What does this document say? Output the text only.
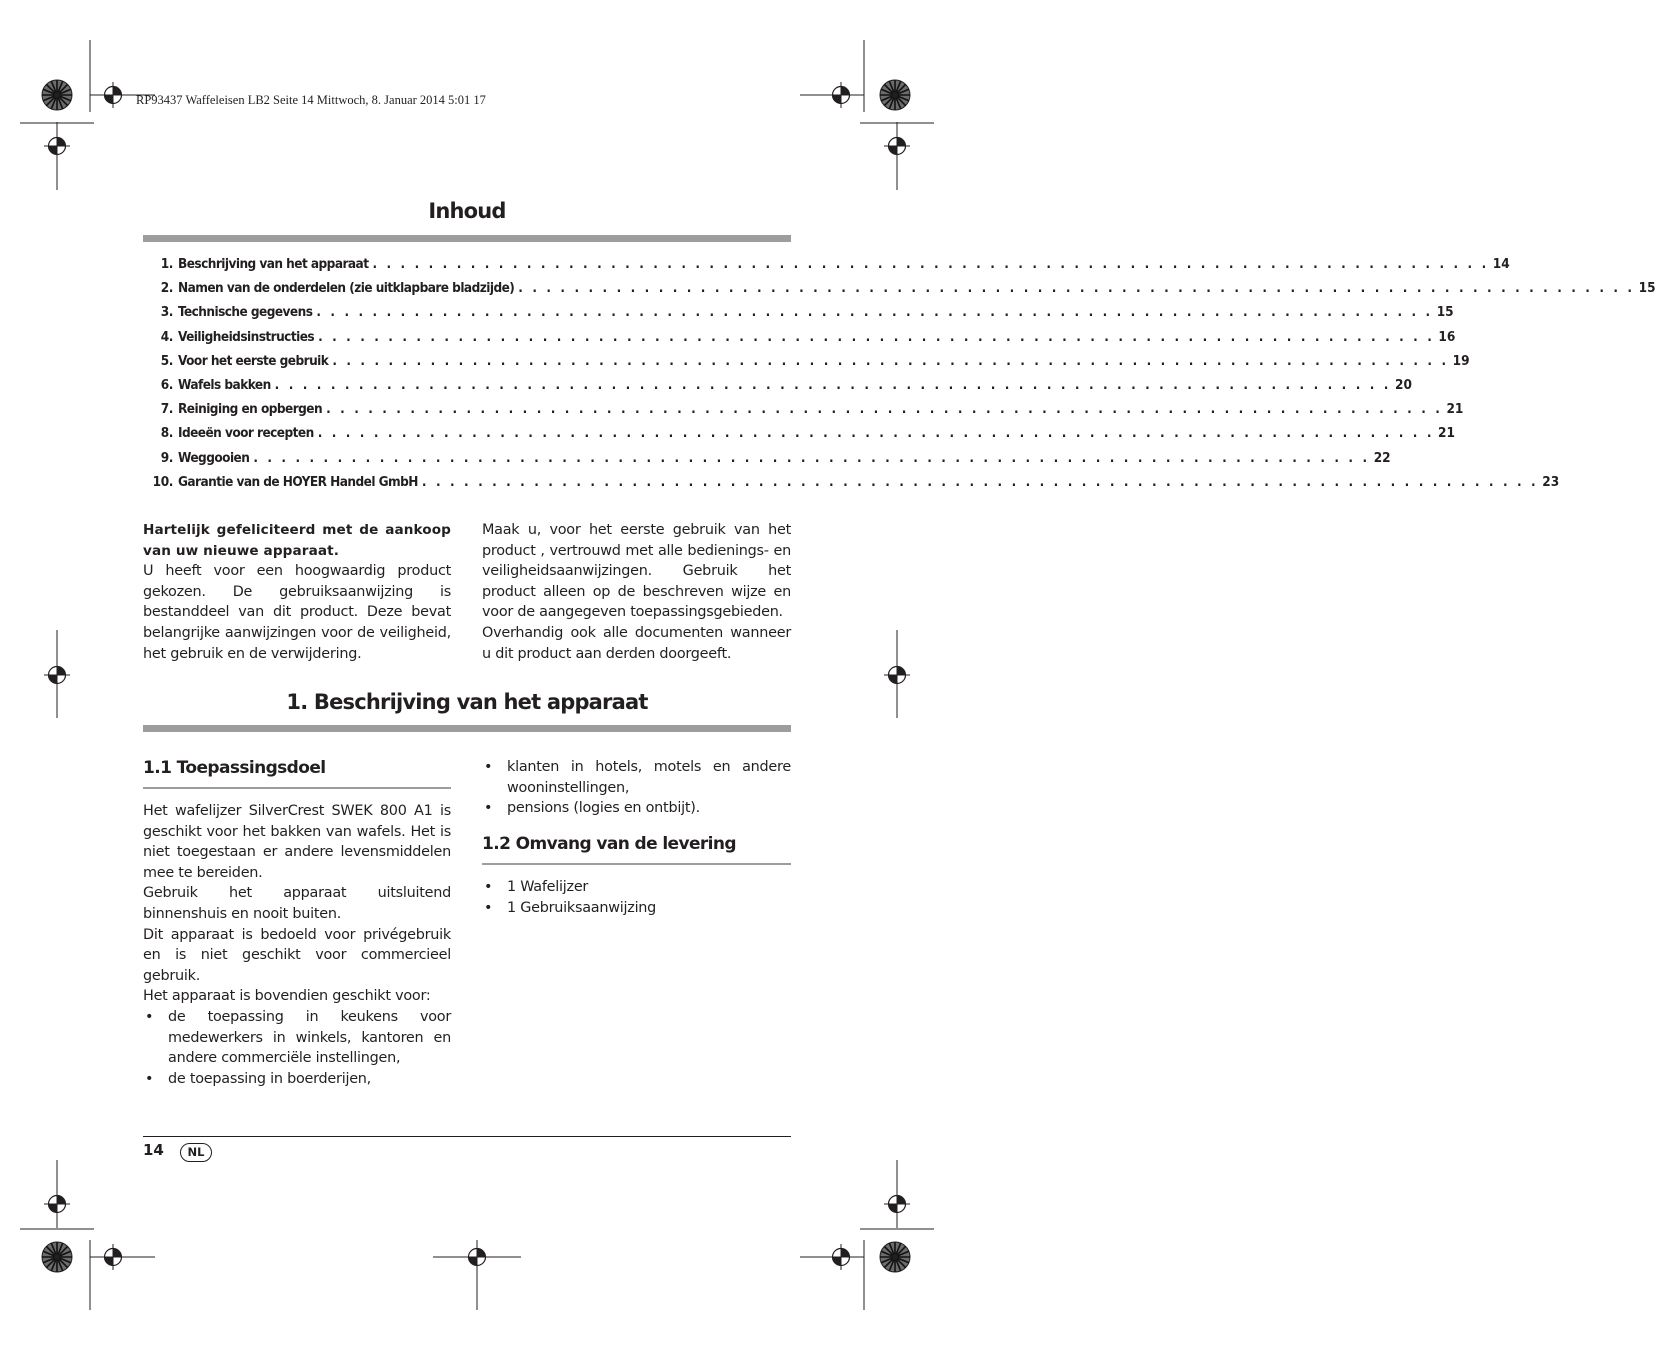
RP93437 Waffeleisen LB2 Seite 14 Mittwoch, 8. Januar 2014 5:01 17
Inhoud
1. Beschrijving van het apparaat . . . . . . . . . . . . . . . . . . . . . . . . . . . . . . . . . . . . . . . . . . . . . . . . . . . . . . . . . . . . . . . . . . . . . . . . . . . . . . . . 14
2. Namen van de onderdelen (zie uitklapbare bladzijde) . . . . . . . . . . . . . . . . . . . . . . . . . . . . . . . . . . . . . . . . . . . . . . . . . . . . . . . . . . . . . . . . . . . . . . . . . . . . . . . . 15
3. Technische gegevens . . . . . . . . . . . . . . . . . . . . . . . . . . . . . . . . . . . . . . . . . . . . . . . . . . . . . . . . . . . . . . . . . . . . . . . . . . . . . . . . 15
4. Veiligheidsinstructies . . . . . . . . . . . . . . . . . . . . . . . . . . . . . . . . . . . . . . . . . . . . . . . . . . . . . . . . . . . . . . . . . . . . . . . . . . . . . . . . 16
5. Voor het eerste gebruik . . . . . . . . . . . . . . . . . . . . . . . . . . . . . . . . . . . . . . . . . . . . . . . . . . . . . . . . . . . . . . . . . . . . . . . . . . . . . . . . 19
6. Wafels bakken . . . . . . . . . . . . . . . . . . . . . . . . . . . . . . . . . . . . . . . . . . . . . . . . . . . . . . . . . . . . . . . . . . . . . . . . . . . . . . . . 20
7. Reiniging en opbergen . . . . . . . . . . . . . . . . . . . . . . . . . . . . . . . . . . . . . . . . . . . . . . . . . . . . . . . . . . . . . . . . . . . . . . . . . . . . . . . . 21
8. Ideeën voor recepten . . . . . . . . . . . . . . . . . . . . . . . . . . . . . . . . . . . . . . . . . . . . . . . . . . . . . . . . . . . . . . . . . . . . . . . . . . . . . . . . 21
9. Weggooien . . . . . . . . . . . . . . . . . . . . . . . . . . . . . . . . . . . . . . . . . . . . . . . . . . . . . . . . . . . . . . . . . . . . . . . . . . . . . . . . 22
10. Garantie van de HOYER Handel GmbH . . . . . . . . . . . . . . . . . . . . . . . . . . . . . . . . . . . . . . . . . . . . . . . . . . . . . . . . . . . . . . . . . . . . . . . . . . . . . . . . 23

Hartelijk gefeliciteerd met de aankoop van uw nieuwe apparaat.

U heeft voor een hoogwaardig product gekozen. De gebruiksaanwijzing is bestanddeel van dit product. Deze bevat belangrijke aanwijzingen voor de veiligheid, het gebruik en de verwijdering.

Maak u, voor het eerste gebruik van het product , vertrouwd met alle bedienings- en veiligheidsaanwijzingen. Gebruik het product alleen op de beschreven wijze en voor de aangegeven toepassingsgebieden.

Overhandig ook alle documenten wanneer u dit product aan derden doorgeeft.

1. Beschrijving van het apparaat
1.1 Toepassingsdoel

Het wafelijzer SilverCrest SWEK 800 A1 is geschikt voor het bakken van wafels. Het is niet toegestaan er andere levensmiddelen mee te bereiden.

Gebruik het apparaat uitsluitend binnenshuis en nooit buiten.

Dit apparaat is bedoeld voor privégebruik en is niet geschikt voor commercieel gebruik.

Het apparaat is bovendien geschikt voor:

• de toepassing in keukens voor medewerkers in winkels, kantoren en andere commerciële instellingen,
• de toepassing in boerderijen,
• klanten in hotels, motels en andere wooninstellingen,
• pensions (logies en ontbijt).
1.2 Omvang van de levering
• 1 Wafelijzer
• 1 Gebruiksaanwijzing
14	NL
